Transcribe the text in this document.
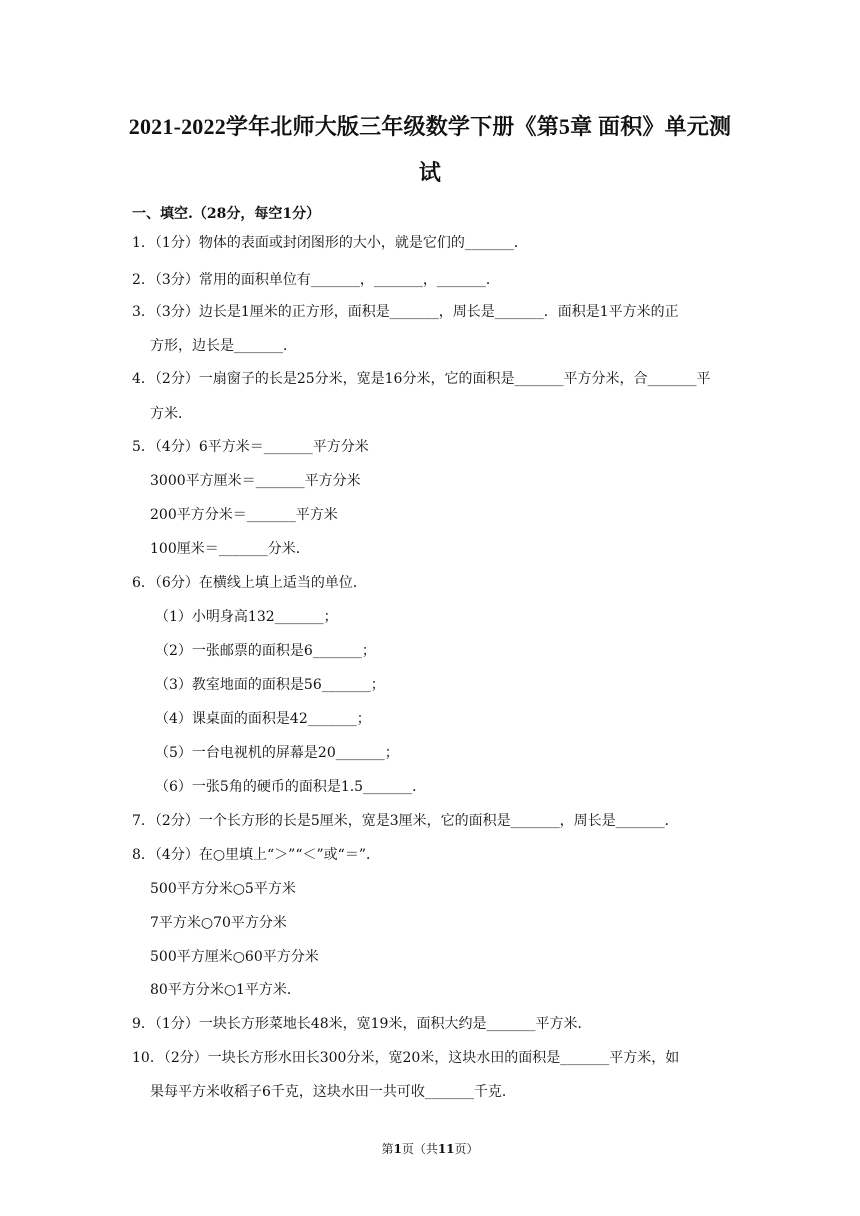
2021-2022学年北师大版三年级数学下册《第5章 面积》单元测试
一、填空.（28分，每空1分）
1．（1分）物体的表面或封闭图形的大小，就是它们的_______．
2．（3分）常用的面积单位有_______，_______，_______．
3．（3分）边长是1厘米的正方形，面积是_______，周长是_______．面积是1平方米的正
方形，边长是_______．
4．（2分）一扇窗子的长是25分米，宽是16分米，它的面积是_______平方分米，合_______平
方米．
5．（4分）6平方米＝_______平方分米
3000平方厘米＝_______平方分米
200平方分米＝_______平方米
100厘米＝_______分米．
6．（6分）在横线上填上适当的单位．
（1）小明身高132_______；
（2）一张邮票的面积是6_______；
（3）教室地面的面积是56_______；
（4）课桌面的面积是42_______；
（5）一台电视机的屏幕是20_______；
（6）一张5角的硬币的面积是1.5_______．
7．（2分）一个长方形的长是5厘米，宽是3厘米，它的面积是_______，周长是_______．
8．（4分）在○里填上“＞”“＜”或“＝”．
500平方分米○5平方米
7平方米○70平方分米
500平方厘米○60平方分米
80平方分米○1平方米．
9．（1分）一块长方形菜地长48米，宽19米，面积大约是_______平方米．
10．（2分）一块长方形水田长300分米，宽20米，这块水田的面积是_______平方米，如
果每平方米收稻子6千克，这块水田一共可收_______千克．
第1页（共11页）
